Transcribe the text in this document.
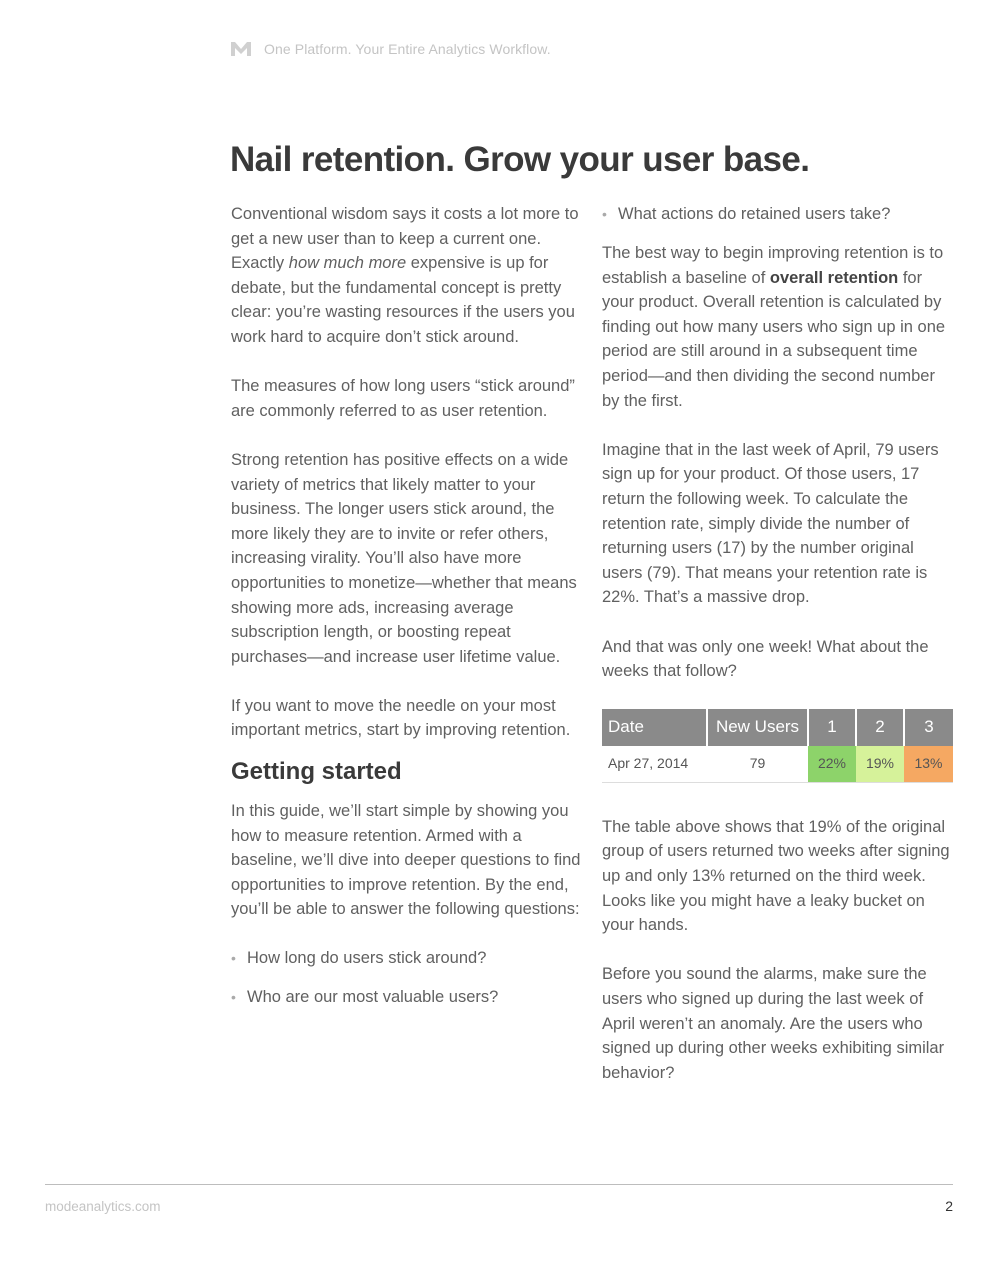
One Platform. Your Entire Analytics Workflow.
Nail retention. Grow your user base.

Conventional wisdom says it costs a lot more to get a new user than to keep a current one. Exactly how much more expensive is up for debate, but the fundamental concept is pretty clear: you’re wasting resources if the users you work hard to acquire don’t stick around.

The measures of how long users “stick around” are commonly referred to as user retention.

Strong retention has positive effects on a wide variety of metrics that likely matter to your business. The longer users stick around, the more likely they are to invite or refer others, increasing virality. You’ll also have more opportunities to monetize—whether that means showing more ads, increasing average subscription length, or boosting repeat purchases—and increase user lifetime value.

If you want to move the needle on your most important metrics, start by improving retention.

Getting started

In this guide, we’ll start simple by showing you how to measure retention. Armed with a baseline, we’ll dive into deeper questions to find opportunities to improve retention. By the end, you’ll be able to answer the following questions:

• How long do users stick around?
• Who are our most valuable users?
• What actions do retained users take?

The best way to begin improving retention is to establish a baseline of overall retention for your product. Overall retention is calculated by finding out how many users who sign up in one period are still around in a subsequent time period—and then dividing the second number by the first.

Imagine that in the last week of April, 79 users sign up for your product. Of those users, 17 return the following week. To calculate the retention rate, simply divide the number of returning users (17) by the number original users (79). That means your retention rate is 22%. That’s a massive drop.

And that was only one week! What about the weeks that follow?

Date	New Users	1	2	3
Apr 27, 2014	79	22%	19%	13%

The table above shows that 19% of the original group of users returned two weeks after signing up and only 13% returned on the third week. Looks like you might have a leaky bucket on your hands.

Before you sound the alarms, make sure the users who signed up during the last week of April weren’t an anomaly. Are the users who signed up during other weeks exhibiting similar behavior?

modeanalytics.com	2
